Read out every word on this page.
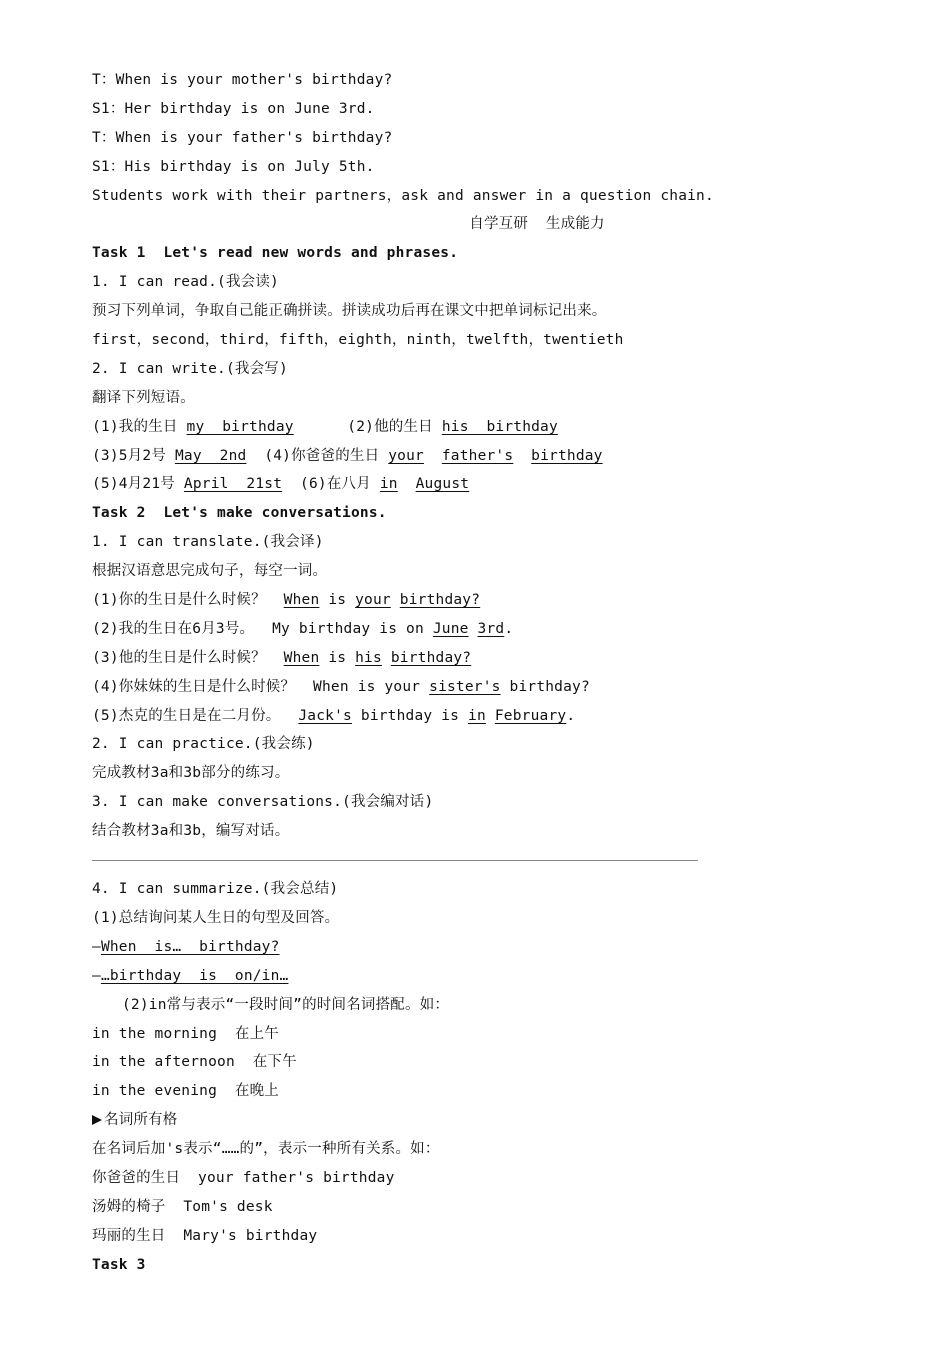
T：When is your mother's birthday?
S1：Her birthday is on June 3rd.
T：When is your father's birthday?
S1：His birthday is on July 5th.
Students work with their partners，ask and answer in a question chain.
自学互研  生成能力
Task 1  Let's read new words and phrases.
1. I can read.(我会读)
预习下列单词，争取自己能正确拼读。拼读成功后再在课文中把单词标记出来。
first，second，third，fifth，eighth，ninth，twelfth，twentieth
2. I can write.(我会写)
翻译下列短语。
(1)我的生日 my  birthday	(2)他的生日 his  birthday
(3)5月2号 May  2nd (4)你爸爸的生日 your father's birthday
(5)4月21号 April  21st (6)在八月 in August
Task 2  Let's make conversations.
1. I can translate.(我会译)
根据汉语意思完成句子，每空一词。
(1)你的生日是什么时候？  When is your birthday?
(2)我的生日在6月3号。  My birthday is on June 3rd.
(3)他的生日是什么时候？  When is his birthday?
(4)你妹妹的生日是什么时候？  When is your sister's birthday?
(5)杰克的生日是在二月份。  Jack's birthday is in February.
2. I can practice.(我会练)
完成教材3a和3b部分的练习。
3. I can make conversations.(我会编对话)
结合教材3a和3b，编写对话。
4. I can summarize.(我会总结)
(1)总结询问某人生日的句型及回答。
—When  is…  birthday?
—…birthday  is  on/in…
(2)in常与表示“一段时间”的时间名词搭配。如：
in the morning  在上午
in the afternoon  在下午
in the evening  在晚上
名词所有格
在名词后加's表示“……的”，表示一种所有关系。如：
你爸爸的生日  your father's birthday
汤姆的椅子  Tom's desk
玛丽的生日  Mary's birthday
Task 3
